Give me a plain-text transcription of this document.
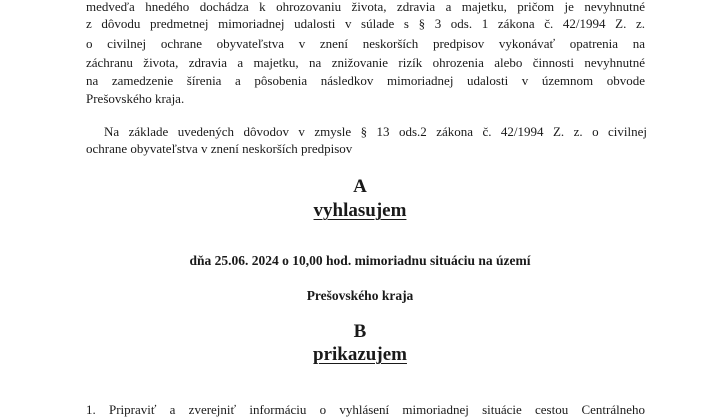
medveďa hnedého dochádza k ohrozovaniu života, zdravia a majetku, pričom je nevyhnutné
z dôvodu predmetnej mimoriadnej udalosti v súlade s § 3 ods. 1 zákona č. 42/1994 Z. z.
o civilnej ochrane obyvateľstva v znení neskorších predpisov vykonávať opatrenia na
záchranu života, zdravia a majetku, na znižovanie rizík ohrozenia alebo činnosti nevyhnutné
na zamedzenie šírenia a pôsobenia následkov mimoriadnej udalosti v územnom obvode
Prešovského kraja.
Na základe uvedených dôvodov v zmysle § 13 ods.2 zákona č. 42/1994 Z. z. o civilnej
ochrane obyvateľstva v znení neskorších predpisov
A
vyhlasujem
dňa 25.06. 2024 o 10,00 hod. mimoriadnu situáciu na území
Prešovského kraja
B
prikazujem
1. Pripraviť a zverejniť informáciu o vyhlásení mimoriadnej situácie cestou Centrálneho
